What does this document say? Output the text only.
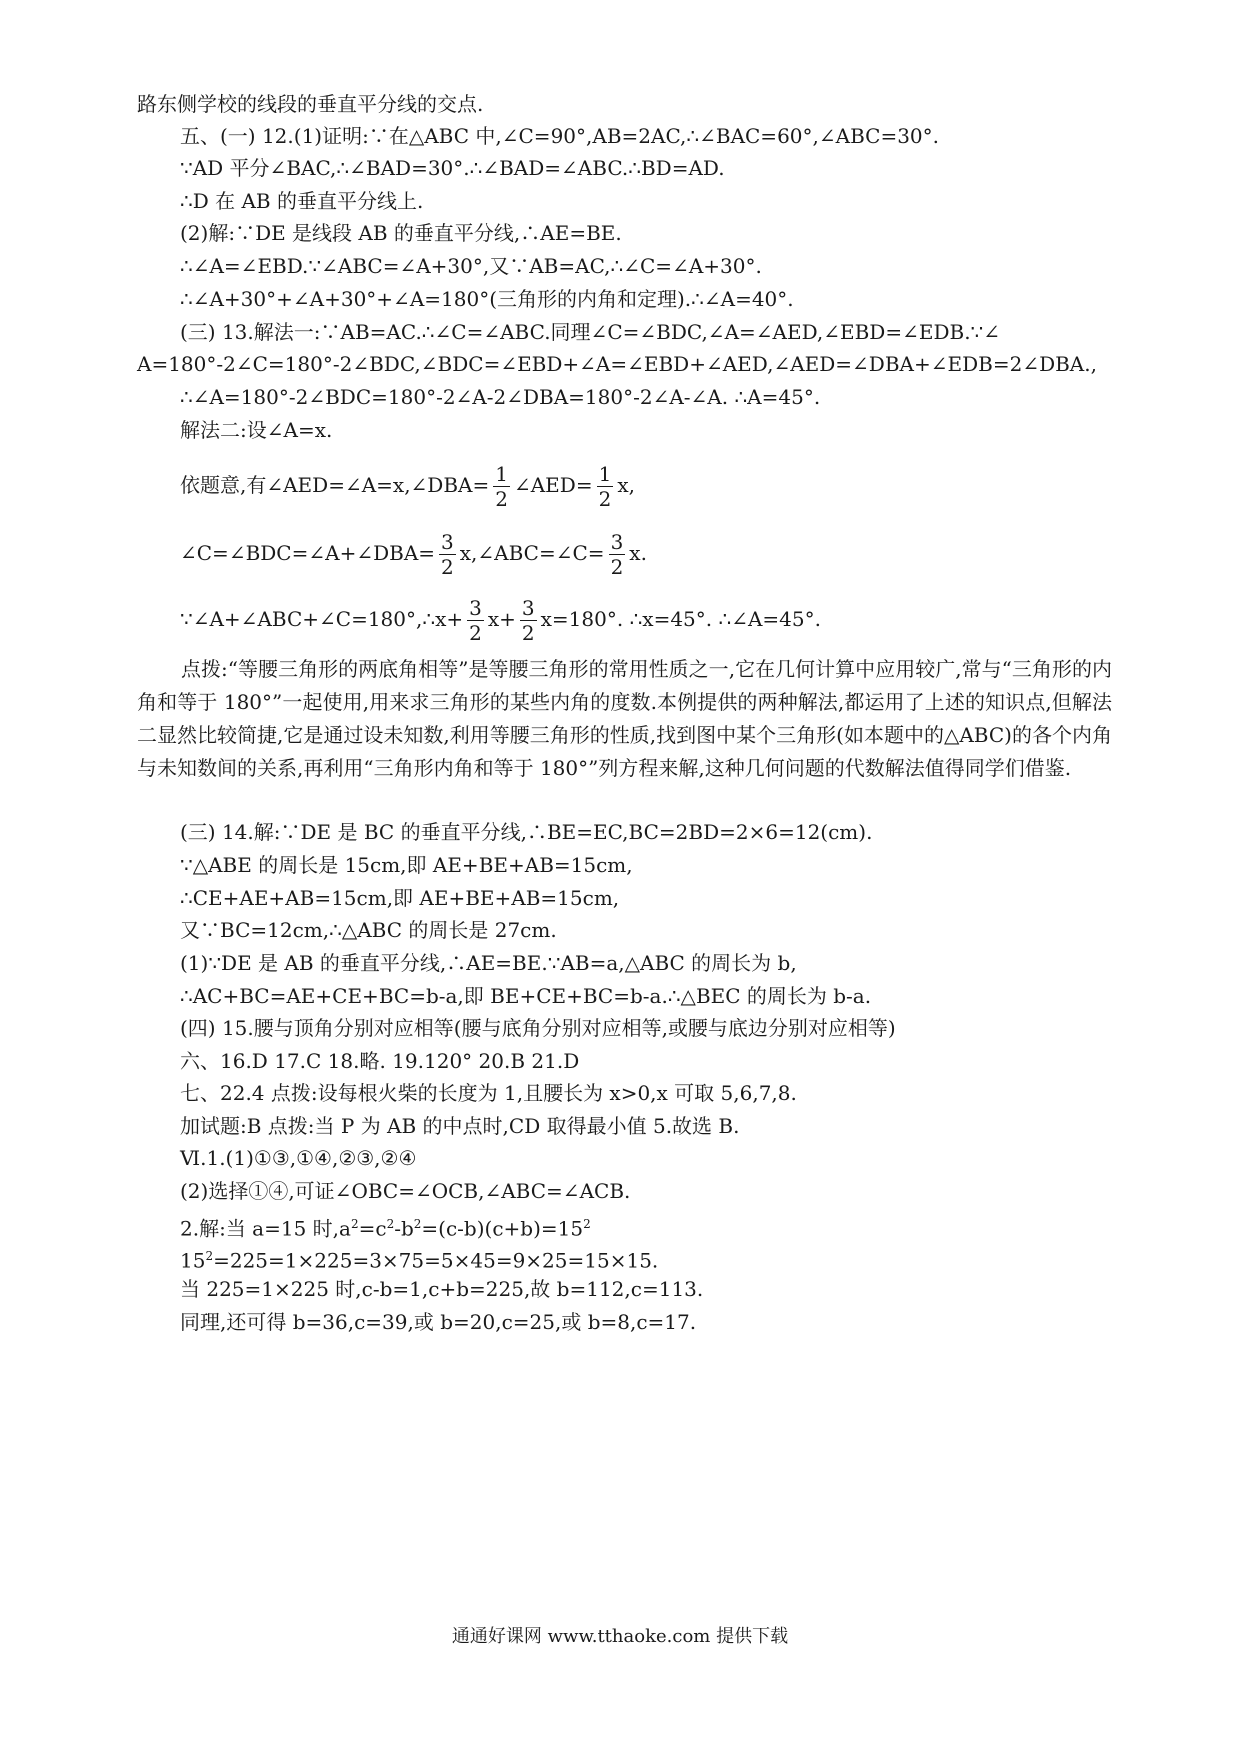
路东侧学校的线段的垂直平分线的交点.
五、(一) 12.(1)证明:∵在△ABC 中,∠C=90°,AB=2AC,∴∠BAC=60°,∠ABC=30°.
∵AD 平分∠BAC,∴∠BAD=30°.∴∠BAD=∠ABC.∴BD=AD.
∴D 在 AB 的垂直平分线上.
(2)解:∵DE 是线段 AB 的垂直平分线,∴AE=BE.
∴∠A=∠EBD.∵∠ABC=∠A+30°,又∵AB=AC,∴∠C=∠A+30°.
∴∠A+30°+∠A+30°+∠A=180°(三角形的内角和定理).∴∠A=40°.
(三) 13.解法一:∵AB=AC.∴∠C=∠ABC.同理∠C=∠BDC,∠A=∠AED,∠EBD=∠EDB.∵∠
A=180°-2∠C=180°-2∠BDC,∠BDC=∠EBD+∠A=∠EBD+∠AED,∠AED=∠DBA+∠EDB=2∠DBA.,
∴∠A=180°-2∠BDC=180°-2∠A-2∠DBA=180°-2∠A-∠A. ∴A=45°.
解法二:设∠A=x.
依题意,有∠AED=∠A=x,∠DBA= $\frac{1}{2}$ ∠AED= $\frac{1}{2} x$,
∠C=∠BDC=∠A+∠DBA= $\frac{3}{2}$ x,∠ABC=∠C= $\frac{3}{2} x$.
∵∠A+∠ABC+∠C=180°,∴x+ $\frac{3}{2} x+ \frac{3}{2} x=180^\circ$. ∴x=45°. ∴∠A=45°.
点拨:“等腰三角形的两底角相等”是等腰三角形的常用性质之一,它在几何计算中应用较广,常与“三角形的内角和等于 180°”一起使用,用来求三角形的某些内角的度数.本例提供的两种解法,都运用了上述的知识点,但解法二显然比较简捷,它是通过设未知数,利用等腰三角形的性质,找到图中某个三角形(如本题中的△ABC)的各个内角与未知数间的关系,再利用“三角形内角和等于 180°”列方程来解,这种几何问题的代数解法值得同学们借鉴.
(三) 14.解:∵DE 是 BC 的垂直平分线,∴BE=EC,BC=2BD=2×6=12(cm).
∵△ABE 的周长是 15cm,即 AE+BE+AB=15cm,
∴CE+AE+AB=15cm,即 AE+BE+AB=15cm,
又∵BC=12cm,∴△ABC 的周长是 27cm.
(1)∵DE 是 AB 的垂直平分线,∴AE=BE.∵AB=a,△ABC 的周长为 b,
∴AC+BC=AE+CE+BC=b-a,即 BE+CE+BC=b-a.∴△BEC 的周长为 b-a.
(四) 15.腰与顶角分别对应相等(腰与底角分别对应相等,或腰与底边分别对应相等)
六、16.D 17.C 18.略. 19.120° 20.B 21.D
七、22.4 点拨:设每根火柴的长度为 1,且腰长为 x>0,x 可取 5,6,7,8.
加试题:B 点拨:当 P 为 AB 的中点时,CD 取得最小值 5.故选 B.
Ⅵ.1.(1)①③,①④,②③,②④
(2)选择①④,可证∠OBC=∠OCB,∠ABC=∠ACB.
2.解:当 a=15 时$,a^2=c^2-b^2=(c-b)(c+b)=15^2$
$15^2=225=1\times 225=3\times 75=5\times 45=9\times 25=15\times 15$.
当 225=1×225 时,c-b=1,c+b=225,故 b=112,c=113.
同理,还可得 b=36,c=39,或 b=20,c=25,或 b=8,c=17.
通通好课网 www.tthaoke.com 提供下载
